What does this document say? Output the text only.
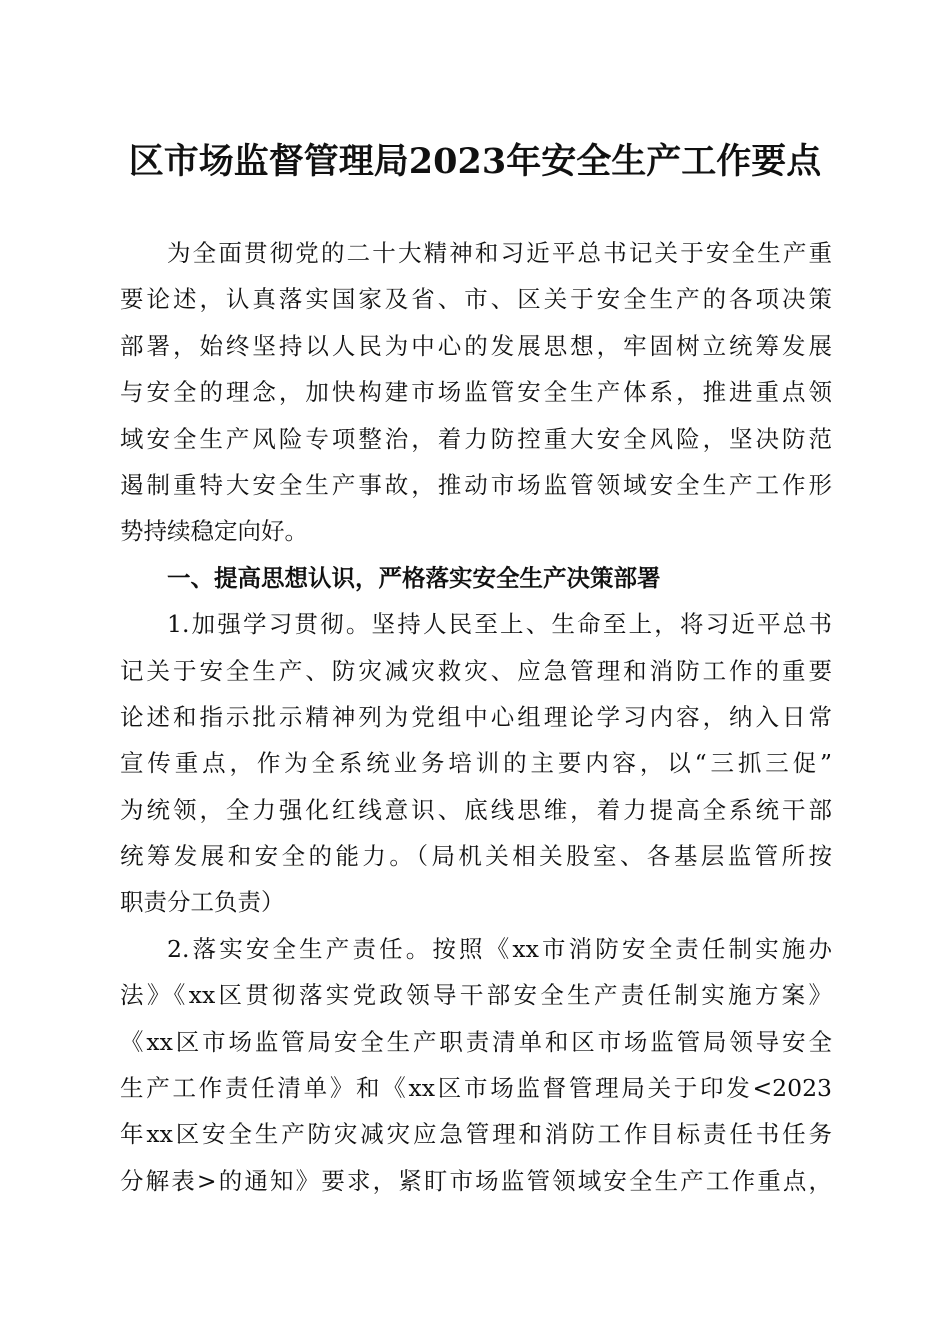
区市场监督管理局2023年安全生产工作要点
为全面贯彻党的二十大精神和习近平总书记关于安全生产重
要论述，认真落实国家及省、市、区关于安全生产的各项决策
部署，始终坚持以人民为中心的发展思想，牢固树立统筹发展
与安全的理念，加快构建市场监管安全生产体系，推进重点领
域安全生产风险专项整治，着力防控重大安全风险，坚决防范
遏制重特大安全生产事故，推动市场监管领域安全生产工作形
势持续稳定向好。
一、提高思想认识，严格落实安全生产决策部署
1.加强学习贯彻。坚持人民至上、生命至上，将习近平总书
记关于安全生产、防灾减灾救灾、应急管理和消防工作的重要
论述和指示批示精神列为党组中心组理论学习内容，纳入日常
宣传重点，作为全系统业务培训的主要内容，以“三抓三促”
为统领，全力强化红线意识、底线思维，着力提高全系统干部
统筹发展和安全的能力。（局机关相关股室、各基层监管所按
职责分工负责）
2.落实安全生产责任。按照《xx市消防安全责任制实施办
法》《xx区贯彻落实党政领导干部安全生产责任制实施方案》
《xx区市场监管局安全生产职责清单和区市场监管局领导安全
生产工作责任清单》和《xx区市场监督管理局关于印发<2023
年xx区安全生产防灾减灾应急管理和消防工作目标责任书任务
分解表>的通知》要求，紧盯市场监管领域安全生产工作重点，
